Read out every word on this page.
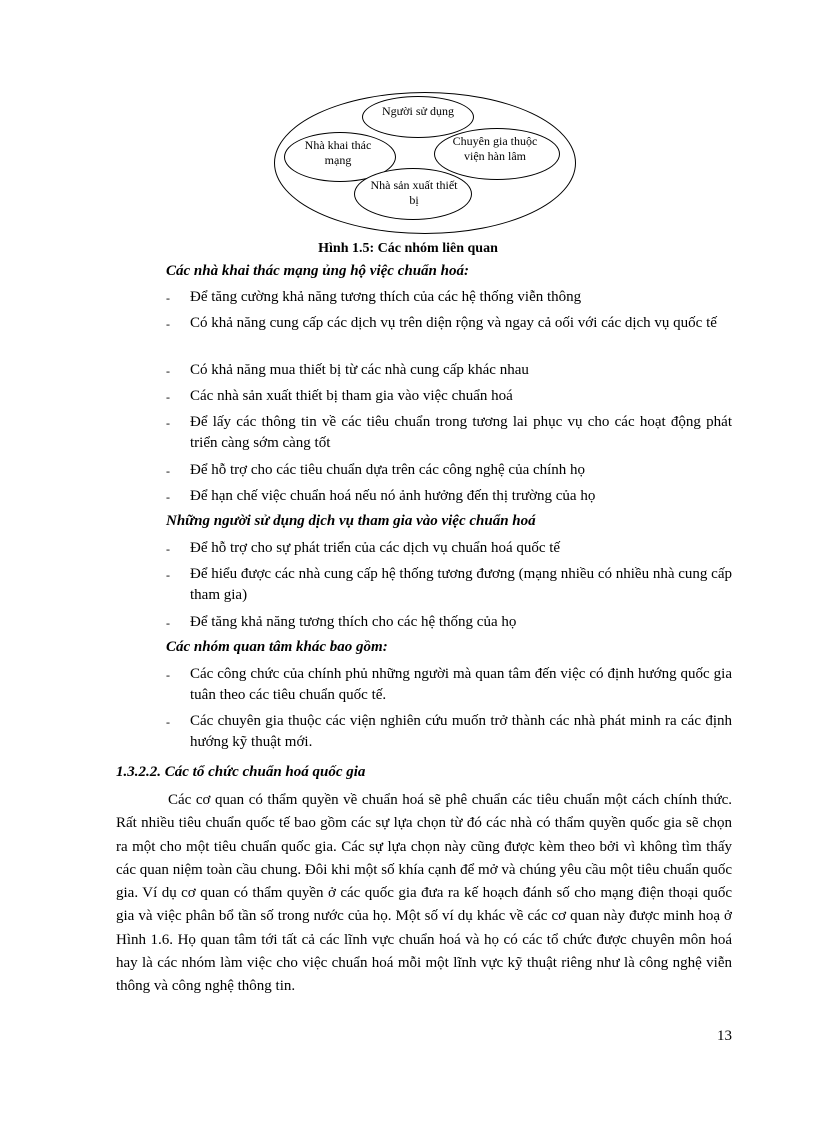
Người sử dụng
Nhà khai thác
mạng
Chuyên gia thuộc
viện hàn lâm
Nhà sản xuất thiết
bị
Hình 1.5: Các nhóm liên quan
Các nhà khai thác mạng ủng hộ việc chuẩn hoá:
- Để tăng cường khả năng tương thích của các hệ thống viễn thông
- Có khả năng cung cấp các dịch vụ trên diện rộng và ngay cả oối với các dịch vụ quốc tế
- Có khả năng mua thiết bị từ các nhà cung cấp khác nhau
- Các nhà sản xuất thiết bị tham gia vào việc chuẩn hoá
- Để lấy các thông tin về các tiêu chuẩn trong tương lai phục vụ cho các hoạt động phát triển càng sớm càng tốt
- Để hỗ trợ cho các tiêu chuẩn dựa trên các công nghệ của chính họ
- Để hạn chế việc chuẩn hoá nếu nó ảnh hưởng đến thị trường của họ
Những người sử dụng dịch vụ tham gia vào việc chuẩn hoá
- Để hỗ trợ cho sự phát triển của các dịch vụ chuẩn hoá quốc tế
- Để hiểu được các nhà cung cấp hệ thống tương đương (mạng nhiều có nhiều nhà cung cấp tham gia)
- Để tăng khả năng tương thích cho các hệ thống của họ
Các nhóm quan tâm khác bao gồm:
- Các công chức của chính phủ những người mà quan tâm đến việc có định hướng quốc gia tuân theo các tiêu chuẩn quốc tế.
- Các chuyên gia thuộc các viện nghiên cứu muốn trở thành các nhà phát minh ra các định hướng kỹ thuật mới.
1.3.2.2. Các tổ chức chuẩn hoá quốc gia
Các cơ quan có thẩm quyền về chuẩn hoá sẽ phê chuẩn các tiêu chuẩn một cách chính thức. Rất nhiều tiêu chuẩn quốc tế bao gồm các sự lựa chọn từ đó các nhà có thẩm quyền quốc gia sẽ chọn ra một cho một tiêu chuẩn quốc gia. Các sự lựa chọn này cũng được kèm theo bởi vì không tìm thấy các quan niệm toàn cầu chung. Đôi khi một số khía cạnh để mở và chúng yêu cầu một tiêu chuẩn quốc gia. Ví dụ cơ quan có thẩm quyền ở các quốc gia đưa ra kế hoạch đánh số cho mạng điện thoại quốc gia và việc phân bổ tần số trong nước của họ. Một số ví dụ khác về các cơ quan này được minh hoạ ở Hình 1.6. Họ quan tâm tới tất cả các lĩnh vực chuẩn hoá và họ có các tổ chức được chuyên môn hoá hay là các nhóm làm việc cho việc chuẩn hoá mỗi một lĩnh vực kỹ thuật riêng như là công nghệ viễn thông và công nghệ thông tin.
13
